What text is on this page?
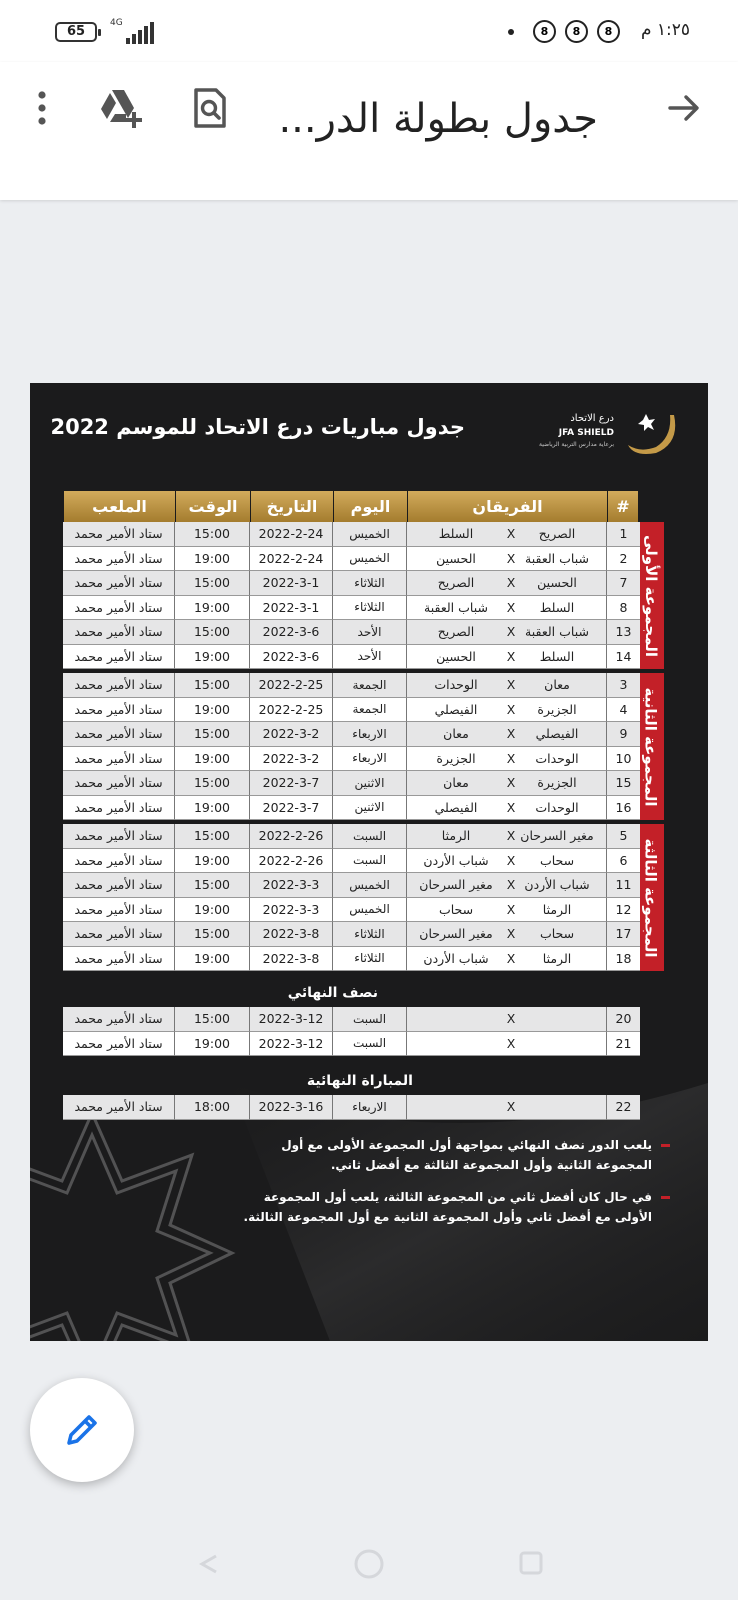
65
4G
8	8	8	١:٢٥ م
جدول بطولة الدر...
جدول مباريات درع الاتحاد للموسم 2022	درع الاتحاد
JFA SHIELD
برعاية مدارس التربية الرياضية
الملعب	الوقت	التاريخ	اليوم	الفريقان	#
المجموعة الأولى
المجموعة الثانية
المجموعة الثالثة
ستاد الأمير محمد	15:00	2022-2-24	الخميس	السلط	X	الصريح	1
ستاد الأمير محمد	19:00	2022-2-24	الخميس	الحسين	X شباب العقبة	2
ستاد الأمير محمد	15:00	2022-3-1	الثلاثاء	الصريح	X	الحسين	7
ستاد الأمير محمد	19:00	2022-3-1	الثلاثاء	شباب العقبة	X	السلط	8
ستاد الأمير محمد	15:00	2022-3-6	الأحد	الصريح	X شباب العقبة	13
ستاد الأمير محمد	19:00	2022-3-6	الأحد	الحسين	X	السلط	14
ستاد الأمير محمد	15:00	2022-2-25	الجمعة	الوحدات	X	معان	3
ستاد الأمير محمد	19:00	2022-2-25	الجمعة	الفيصلي	X	الجزيرة	4
ستاد الأمير محمد	15:00	2022-3-2	الاربعاء	معان	X	الفيصلي	9
ستاد الأمير محمد	19:00	2022-3-2	الاربعاء	الجزيرة	X	الوحدات	10
ستاد الأمير محمد	15:00	2022-3-7	الاثنين	معان	X	الجزيرة	15
ستاد الأمير محمد	19:00	2022-3-7	الاثنين	الفيصلي	X	الوحدات	16
ستاد الأمير محمد	15:00	2022-2-26	السبت	الرمثا	X مغير السرحان	5
ستاد الأمير محمد	19:00	2022-2-26	السبت	شباب الأردن	X	سحاب	6
ستاد الأمير محمد	15:00	2022-3-3	الخميس	مغير السرحان	X شباب الأردن	11
ستاد الأمير محمد	19:00	2022-3-3	الخميس	سحاب	X	الرمثا	12
ستاد الأمير محمد	15:00	2022-3-8	الثلاثاء	مغير السرحان	X	سحاب	17
ستاد الأمير محمد	19:00	2022-3-8	الثلاثاء	شباب الأردن	X	الرمثا	18
نصف النهائي
ستاد الأمير محمد	15:00	2022-3-12	السبت	X	20
ستاد الأمير محمد	19:00	2022-3-12	السبت	X	21
المباراة النهائية
ستاد الأمير محمد	18:00	2022-3-16	الاربعاء	X	22

يلعب الدور نصف النهائي بمواجهة أول المجموعة الأولى مع أول المجموعة الثانية وأول المجموعة الثالثة مع أفضل ثاني.

في حال كان أفضل ثاني من المجموعة الثالثة، يلعب أول المجموعة الأولى مع أفضل ثاني وأول المجموعة الثانية مع أول المجموعة الثالثة.
